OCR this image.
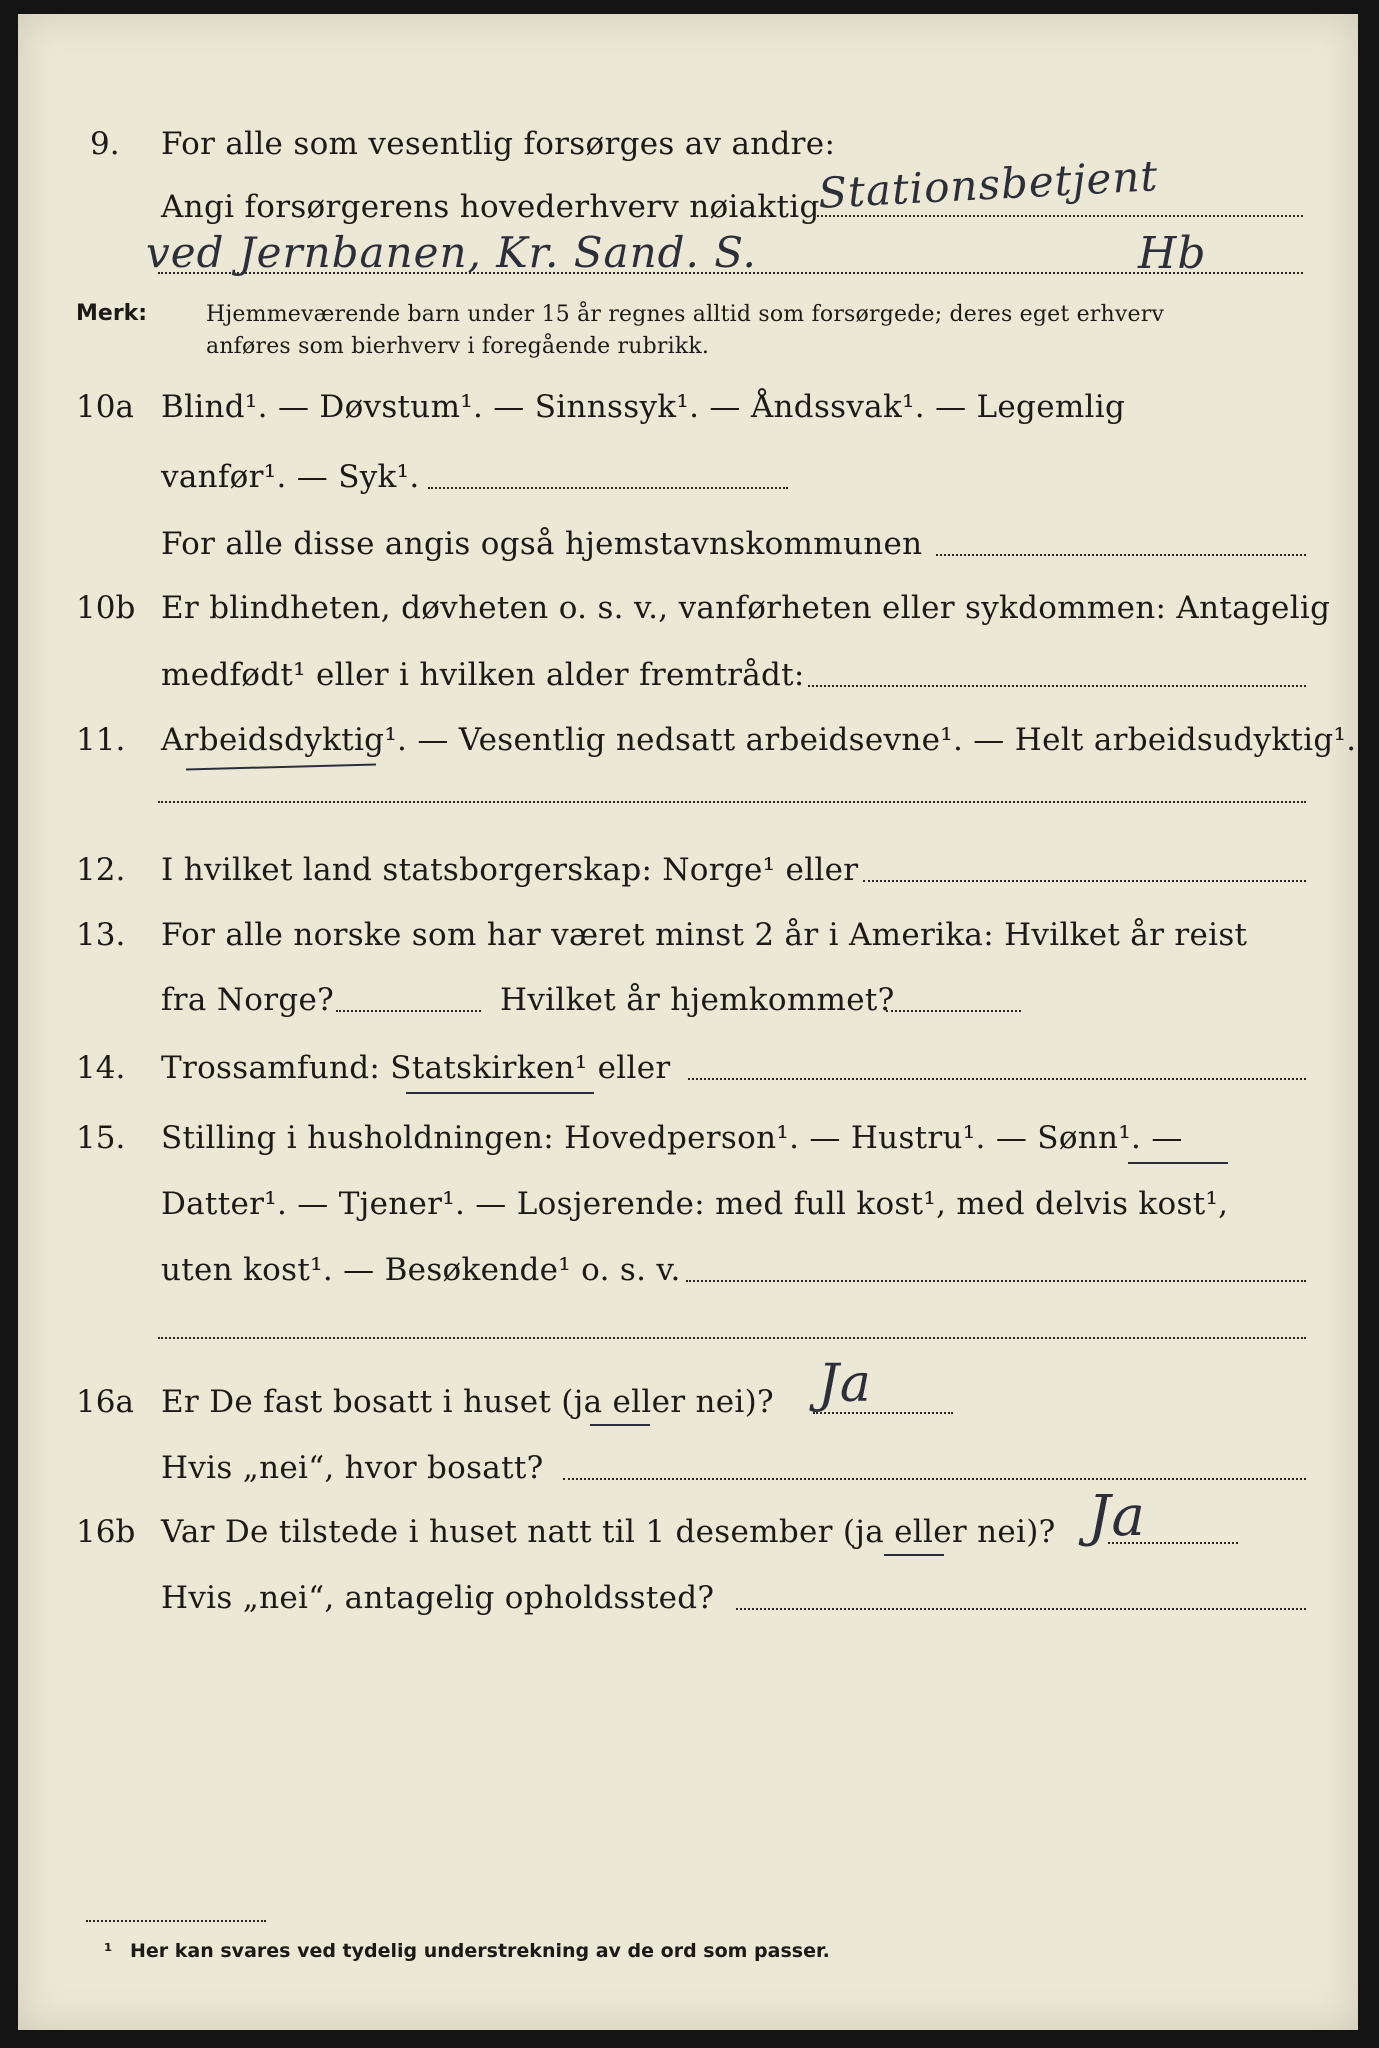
9. For alle som vesentlig forsørges av andre:
Angi forsørgerens hovederhverv nøiaktig
Stationsbetjent
ved Jernbanen, Kr. Sand. S.	Hb
Merk:	Hjemmeværende barn under 15 år regnes alltid som forsørgede; deres eget erhverv
anføres som bierhverv i foregående rubrikk.
10a Blind¹. — Døvstum¹. — Sinnssyk¹. — Åndssvak¹. — Legemlig
vanfør¹. — Syk¹.
For alle disse angis også hjemstavnskommunen
10b Er blindheten, døvheten o. s. v., vanførheten eller sykdommen: Antagelig
medfødt¹ eller i hvilken alder fremtrådt:
11. Arbeidsdyktig¹. — Vesentlig nedsatt arbeidsevne¹. — Helt arbeidsudyktig¹.
12. I hvilket land statsborgerskap: Norge¹ eller
13. For alle norske som har været minst 2 år i Amerika: Hvilket år reist
fra Norge?	Hvilket år hjemkommet?
14. Trossamfund: Statskirken¹ eller
15. Stilling i husholdningen: Hovedperson¹. — Hustru¹. — Sønn¹. —
Datter¹. — Tjener¹. — Losjerende: med full kost¹, med delvis kost¹,
uten kost¹. — Besøkende¹ o. s. v.
16a Er De fast bosatt i huset (ja eller nei)? Ja
Hvis „nei“, hvor bosatt?
16b Var De tilstede i huset natt til 1 desember (ja eller nei)? Ja
Hvis „nei“, antagelig opholdssted?
¹ Her kan svares ved tydelig understrekning av de ord som passer.
